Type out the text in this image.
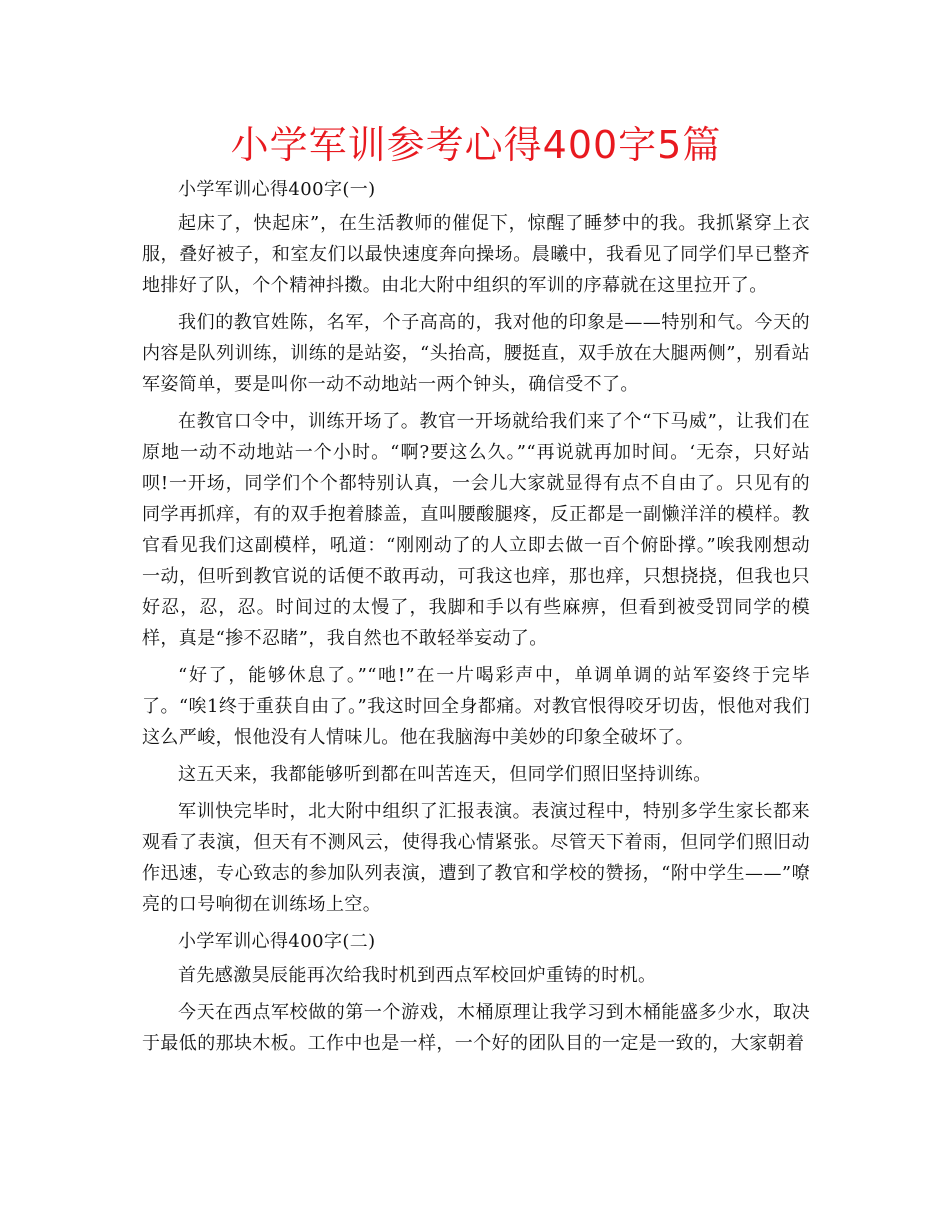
小学军训参考心得400字5篇

小学军训心得400字(一)

起床了，快起床”，在生活教师的催促下，惊醒了睡梦中的我。我抓紧穿上衣服，叠好被子，和室友们以最快速度奔向操场。晨曦中，我看见了同学们早已整齐地排好了队，个个精神抖擞。由北大附中组织的军训的序幕就在这里拉开了。

我们的教官姓陈，名军，个子高高的，我对他的印象是——特别和气。今天的内容是队列训练，训练的是站姿，“头抬高，腰挺直，双手放在大腿两侧”，别看站军姿简单，要是叫你一动不动地站一两个钟头，确信受不了。

在教官口令中，训练开场了。教官一开场就给我们来了个“下马威”，让我们在原地一动不动地站一个小时。“啊?要这么久。”“再说就再加时间。‘无奈，只好站呗!一开场，同学们个个都特别认真，一会儿大家就显得有点不自由了。只见有的同学再抓痒，有的双手抱着膝盖，直叫腰酸腿疼，反正都是一副懒洋洋的模样。教官看见我们这副模样，吼道：“刚刚动了的人立即去做一百个俯卧撑。”唉我刚想动一动，但听到教官说的话便不敢再动，可我这也痒，那也痒，只想挠挠，但我也只好忍，忍，忍。时间过的太慢了，我脚和手以有些麻痹，但看到被受罚同学的模样，真是“掺不忍睹”，我自然也不敢轻举妄动了。

“好了，能够休息了。”“吔!”在一片喝彩声中，单调单调的站军姿终于完毕了。“唉1终于重获自由了。”我这时回全身都痛。对教官恨得咬牙切齿，恨他对我们这么严峻，恨他没有人情味儿。他在我脑海中美妙的印象全破坏了。

这五天来，我都能够听到都在叫苦连天，但同学们照旧坚持训练。

军训快完毕时，北大附中组织了汇报表演。表演过程中，特别多学生家长都来观看了表演，但天有不测风云，使得我心情紧张。尽管天下着雨，但同学们照旧动作迅速，专心致志的参加队列表演，遭到了教官和学校的赞扬，“附中学生——”嘹亮的口号响彻在训练场上空。

小学军训心得400字(二)

首先感激昊辰能再次给我时机到西点军校回炉重铸的时机。

今天在西点军校做的第一个游戏，木桶原理让我学习到木桶能盛多少水，取决于最低的那块木板。工作中也是一样，一个好的团队目的一定是一致的，大家朝着
